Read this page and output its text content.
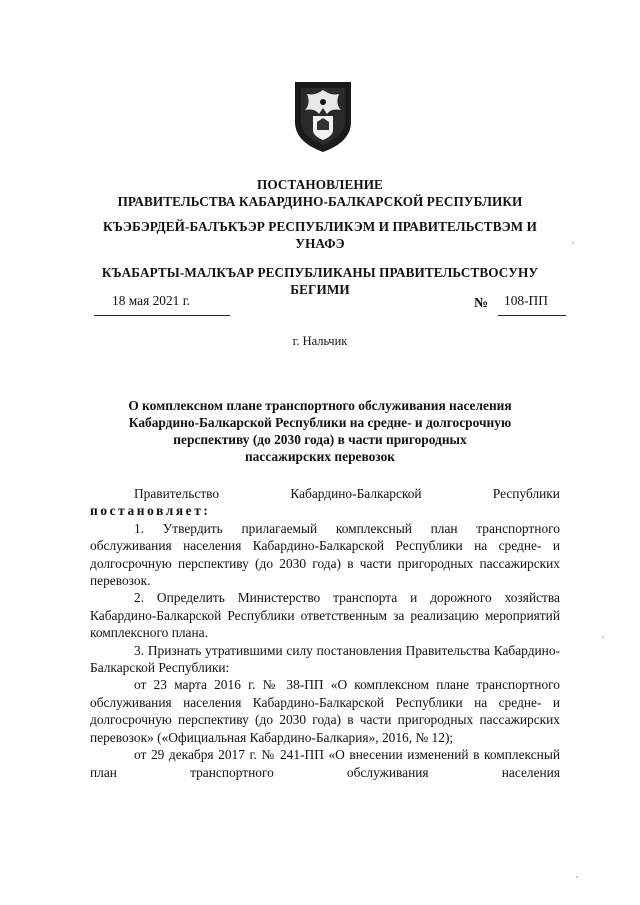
ПОСТАНОВЛЕНИЕ
ПРАВИТЕЛЬСТВА КАБАРДИНО-БАЛКАРСКОЙ РЕСПУБЛИКИ
КЪЭБЭРДЕЙ-БАЛЪКЪЭР РЕСПУБЛИКЭМ И ПРАВИТЕЛЬСТВЭМ И
УНАФЭ
КЪАБАРТЫ-МАЛКЪАР РЕСПУБЛИКАНЫ ПРАВИТЕЛЬСТВОСУНУ
БЕГИМИ
18 мая 2021 г.	№ 108-ПП
г. Нальчик
О комплексном плане транспортного обслуживания населения
Кабардино-Балкарской Республики на средне- и долгосрочную
перспективу (до 2030 года) в части пригородных
пассажирских перевозок
Правительство	Кабардино-Балкарской	Республики

постановляет:

1. Утвердить прилагаемый комплексный план транспортного обслуживания населения Кабардино-Балкарской Республики на средне- и долгосрочную перспективу (до 2030 года) в части пригородных пассажирских перевозок.

2. Определить Министерство транспорта и дорожного хозяйства Кабардино-Балкарской Республики ответственным за реализацию мероприятий комплексного плана.

3. Признать утратившими силу постановления Правительства Кабардино-Балкарской Республики:

от 23 марта 2016 г. № 38-ПП «О комплексном плане транспортного обслуживания населения Кабардино-Балкарской Республики на средне- и долгосрочную перспективу (до 2030 года) в части пригородных пассажирских перевозок» («Официальная Кабардино-Балкария», 2016, № 12);

от 29 декабря 2017 г. № 241-ПП «О внесении изменений в комплексный план транспортного обслуживания населения
